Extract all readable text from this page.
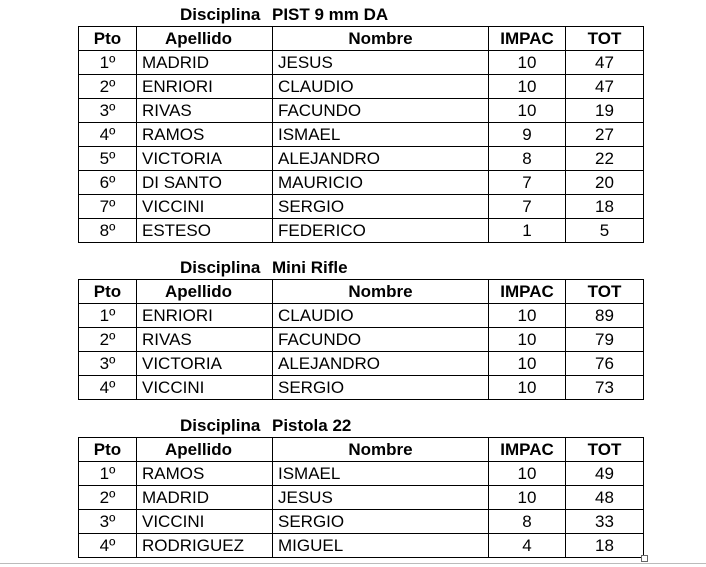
Disciplina PIST 9 mm DA
Pto	Apellido	Nombre	IMPAC	TOT
1º	MADRID	JESUS	10	47
2º	ENRIORI	CLAUDIO	10	47
3º	RIVAS	FACUNDO	10	19
4º	RAMOS	ISMAEL	9	27
5º	VICTORIA	ALEJANDRO	8	22
6º	DI SANTO	MAURICIO	7	20
7º	VICCINI	SERGIO	7	18
8º	ESTESO	FEDERICO	1	5
Disciplina Mini Rifle
Pto	Apellido	Nombre	IMPAC	TOT
1º	ENRIORI	CLAUDIO	10	89
2º	RIVAS	FACUNDO	10	79
3º	VICTORIA	ALEJANDRO	10	76
4º	VICCINI	SERGIO	10	73
Disciplina Pistola 22
Pto	Apellido	Nombre	IMPAC	TOT
1º	RAMOS	ISMAEL	10	49
2º	MADRID	JESUS	10	48
3º	VICCINI	SERGIO	8	33
4º	RODRIGUEZ	MIGUEL	4	18
